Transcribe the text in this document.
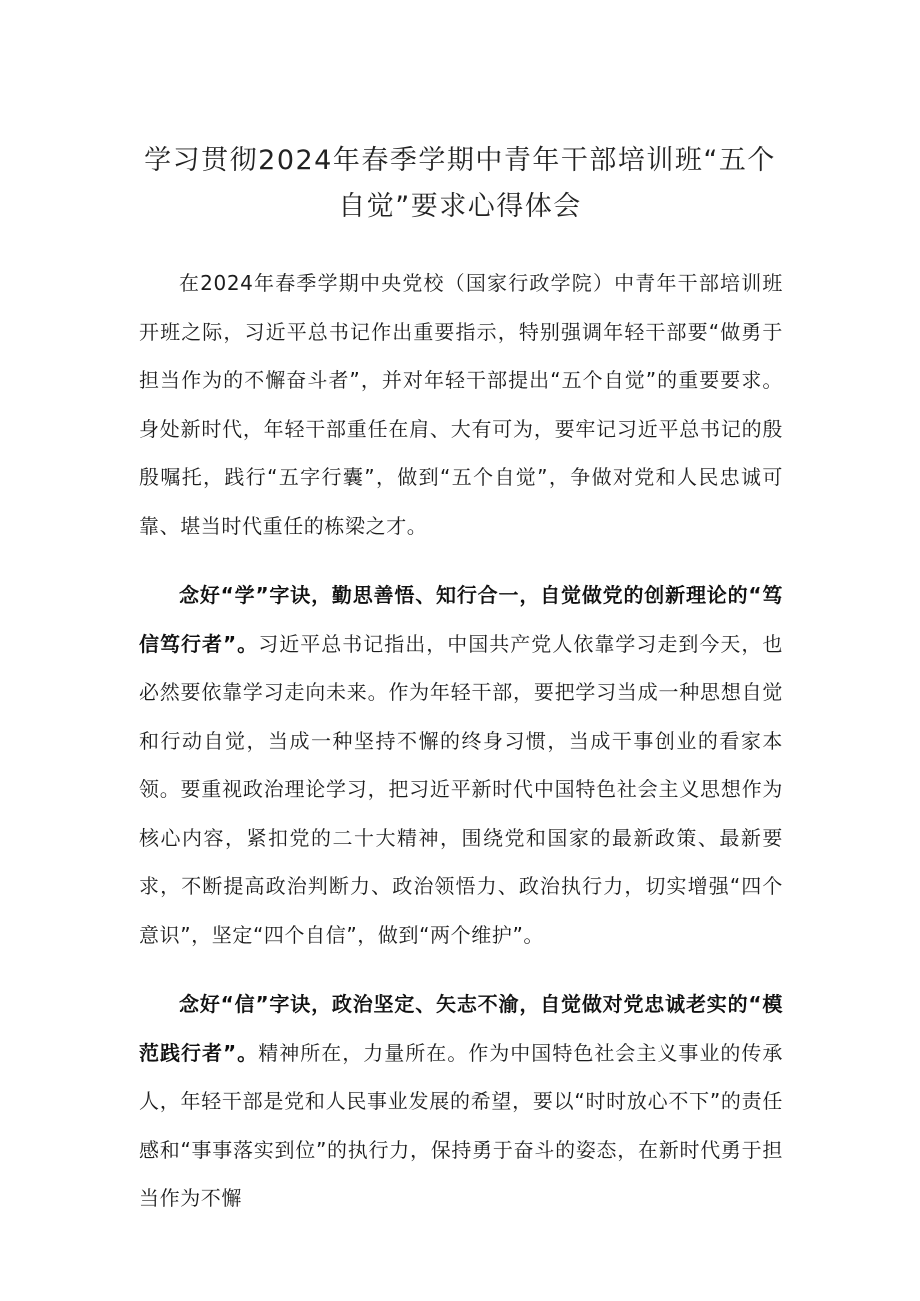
学习贯彻2024年春季学期中青年干部培训班“五个自觉”要求心得体会

在2024年春季学期中央党校（国家行政学院）中青年干部培训班开班之际，习近平总书记作出重要指示，特别强调年轻干部要“做勇于担当作为的不懈奋斗者”，并对年轻干部提出“五个自觉”的重要要求。身处新时代，年轻干部重任在肩、大有可为，要牢记习近平总书记的殷殷嘱托，践行“五字行囊”，做到“五个自觉”，争做对党和人民忠诚可靠、堪当时代重任的栋梁之才。

念好“学”字诀，勤思善悟、知行合一，自觉做党的创新理论的“笃信笃行者”。习近平总书记指出，中国共产党人依靠学习走到今天，也必然要依靠学习走向未来。作为年轻干部，要把学习当成一种思想自觉和行动自觉，当成一种坚持不懈的终身习惯，当成干事创业的看家本领。要重视政治理论学习，把习近平新时代中国特色社会主义思想作为核心内容，紧扣党的二十大精神，围绕党和国家的最新政策、最新要求，不断提高政治判断力、政治领悟力、政治执行力，切实增强“四个意识”，坚定“四个自信”，做到“两个维护”。

念好“信”字诀，政治坚定、矢志不渝，自觉做对党忠诚老实的“模范践行者”。精神所在，力量所在。作为中国特色社会主义事业的传承人，年轻干部是党和人民事业发展的希望，要以“时时放心不下”的责任感和“事事落实到位”的执行力，保持勇于奋斗的姿态，在新时代勇于担当作为不懈
